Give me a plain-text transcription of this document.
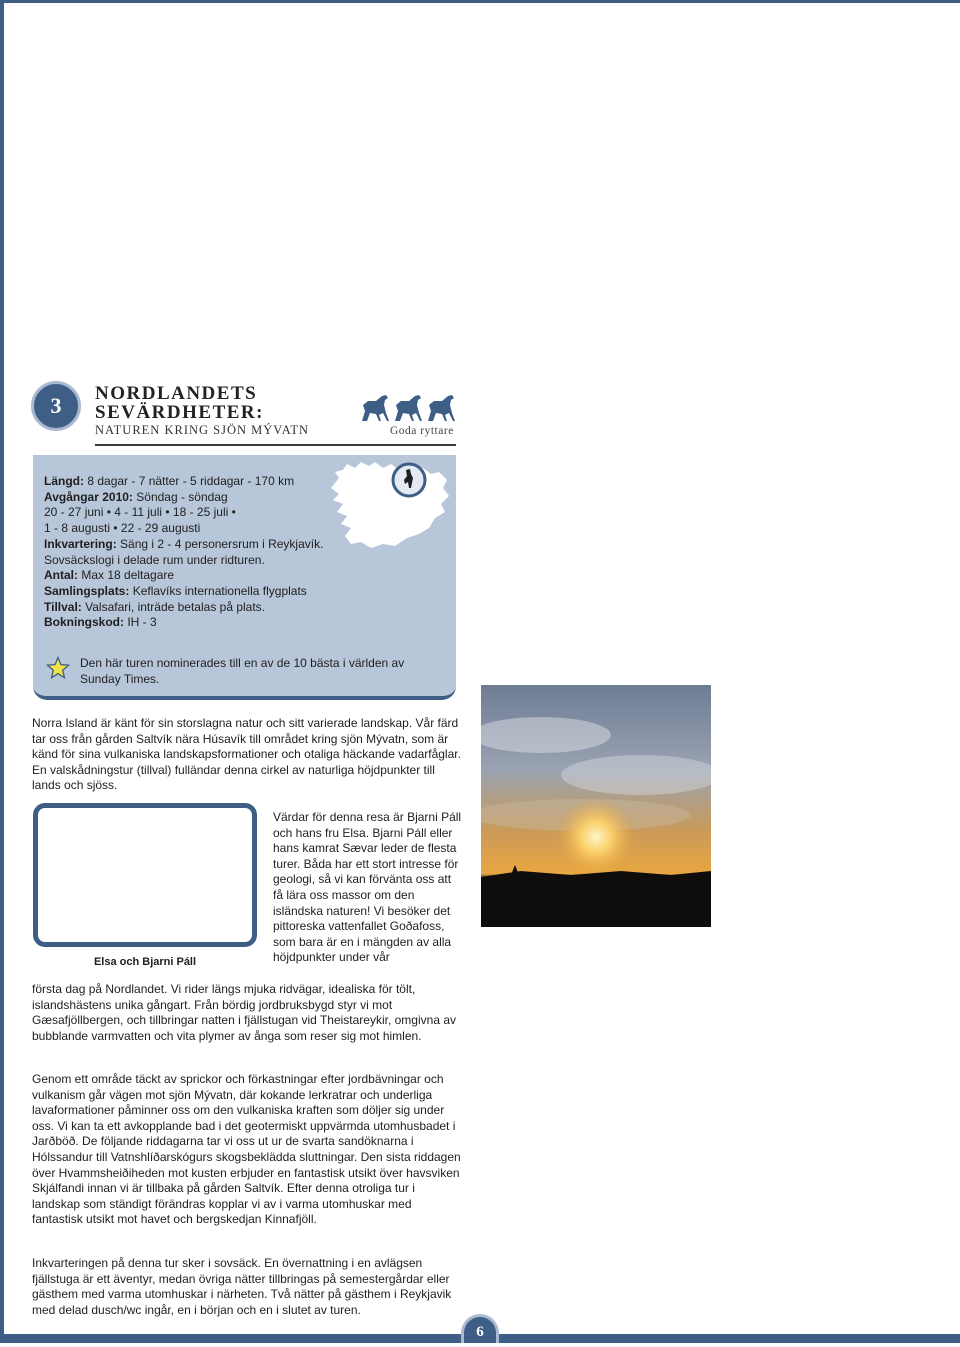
3 NORDLANDETS
SEVÄRDHETER:
NATUREN KRING SJÖN MÝVATN	Goda ryttare
Längd: 8 dagar - 7 nätter - 5 riddagar - 170 km
Avgångar 2010: Söndag - söndag
20 - 27 juni • 4 - 11 juli • 18 - 25 juli •
1 - 8 augusti • 22 - 29 augusti
Inkvartering: Säng i 2 - 4 personersrum i Reykjavík.
Sovsäckslogi i delade rum under ridturen.
Antal: Max 18 deltagare
Samlingsplats: Keflavíks internationella flygplats
Tillval: Valsafari, inträde betalas på plats.
Bokningskod: IH - 3
Den här turen nominerades till en av de 10 bästa i världen av Sunday Times.

Norra Island är känt för sin storslagna natur och sitt varierade landskap. Vår färd tar oss från gården Saltvík nära Húsavík till området kring sjön Mývatn, som är känd för sina vulkaniska landskapsformationer och otaliga häckande vadarfåglar. En valskådningstur (tillval) fulländar denna cirkel av naturliga höjdpunkter till lands och sjöss.

Elsa och Bjarni Páll

Värdar för denna resa är Bjarni Páll och hans fru Elsa. Bjarni Páll eller hans kamrat Sævar leder de flesta turer. Båda har ett stort intresse för geologi, så vi kan förvänta oss att få lära oss massor om den isländska naturen! Vi besöker det pittoreska vattenfallet Goðafoss, som bara är en i mängden av alla höjdpunkter under vår

första dag på Nordlandet. Vi rider längs mjuka ridvägar, idealiska för tölt, islandshästens unika gångart. Från bördig jordbruksbygd styr vi mot Gæsafjöllbergen, och tillbringar natten i fjällstugan vid Theistareykir, omgivna av bubblande varmvatten och vita plymer av ånga som reser sig mot himlen.

Genom ett område täckt av sprickor och förkastningar efter jordbävningar och vulkanism går vägen mot sjön Mývatn, där kokande lerkratrar och underliga lavaformationer påminner oss om den vulkaniska kraften som döljer sig under oss. Vi kan ta ett avkopplande bad i det geotermiskt uppvärmda utomhusbadet i Jarðböð. De följande riddagarna tar vi oss ut ur de svarta sandöknarna i Hólssandur till Vatnshlíðarskógurs skogsbeklädda sluttningar. Den sista riddagen över Hvammsheiðiheden mot kusten erbjuder en fantastisk utsikt över havsviken Skjálfandi innan vi är tillbaka på gården Saltvík. Efter denna otroliga tur i landskap som ständigt förändras kopplar vi av i varma utomhuskar med fantastisk utsikt mot havet och bergskedjan Kinnafjöll.

Inkvarteringen på denna tur sker i sovsäck. En övernattning i en avlägsen fjällstuga är ett äventyr, medan övriga nätter tillbringas på semestergårdar eller gästhem med varma utomhuskar i närheten. Två nätter på gästhem i Reykjavik med delad dusch/wc ingår, en i början och en i slutet av turen.

6
